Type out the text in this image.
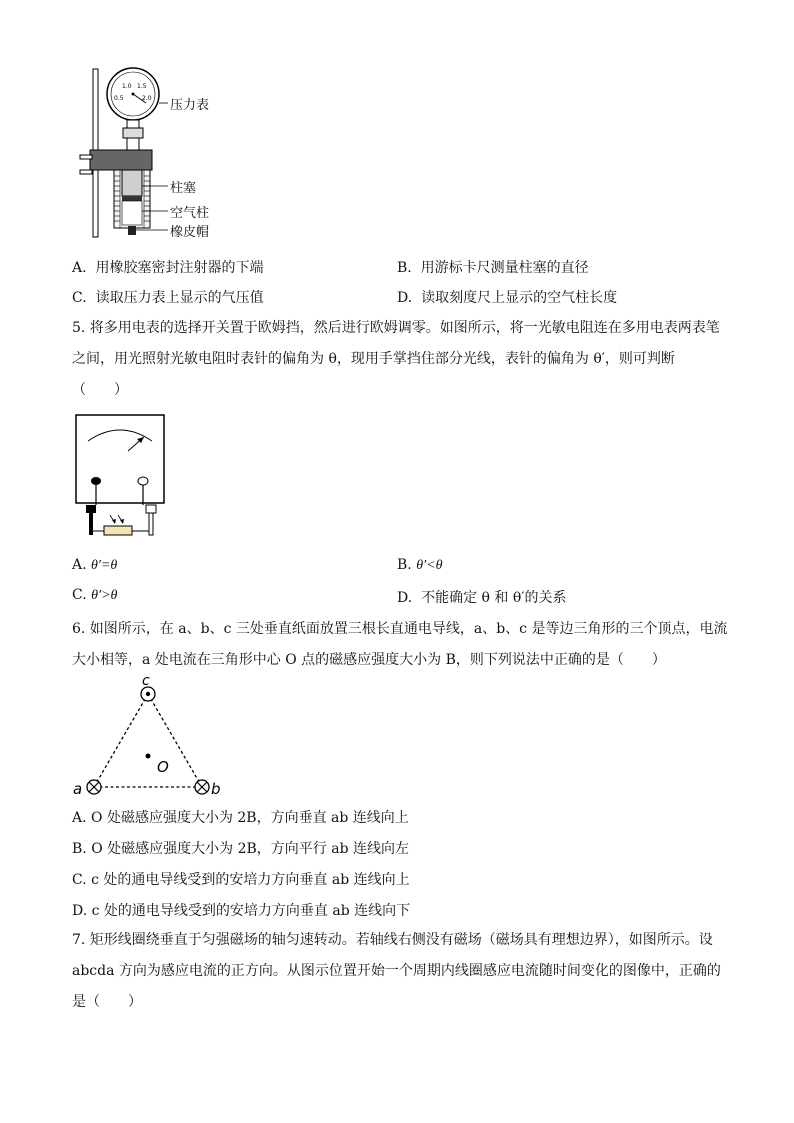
0.5
1.0 1.5
2.0 压力表
柱塞
空气柱
橡皮帽
A. 用橡胶塞密封注射器的下端	B. 用游标卡尺测量柱塞的直径
C. 读取压力表上显示的气压值	D. 读取刻度尺上显示的空气柱长度
5. 将多用电表的选择开关置于欧姆挡，然后进行欧姆调零。如图所示，将一光敏电阻连在多用电表两表笔
之间，用光照射光敏电阻时表针的偏角为 θ，现用手掌挡住部分光线，表针的偏角为 θ′，则可判断
（　　）
A. θ′=θ	B. θ′<θ
C. θ′>θ	D. 不能确定 θ 和 θ′的关系
6. 如图所示，在 a、b、c 三处垂直纸面放置三根长直通电导线，a、b、c 是等边三角形的三个顶点，电流
大小相等，a 处电流在三角形中心 O 点的磁感应强度大小为 B，则下列说法中正确的是（　　）
c
a	b
O
A. O 处磁感应强度大小为 2B，方向垂直 ab 连线向上
B. O 处磁感应强度大小为 2B，方向平行 ab 连线向左
C. c 处的通电导线受到的安培力方向垂直 ab 连线向上
D. c 处的通电导线受到的安培力方向垂直 ab 连线向下
7. 矩形线圈绕垂直于匀强磁场的轴匀速转动。若轴线右侧没有磁场（磁场具有理想边界），如图所示。设
abcda 方向为感应电流的正方向。从图示位置开始一个周期内线圈感应电流随时间变化的图像中，正确的
是（　　）
